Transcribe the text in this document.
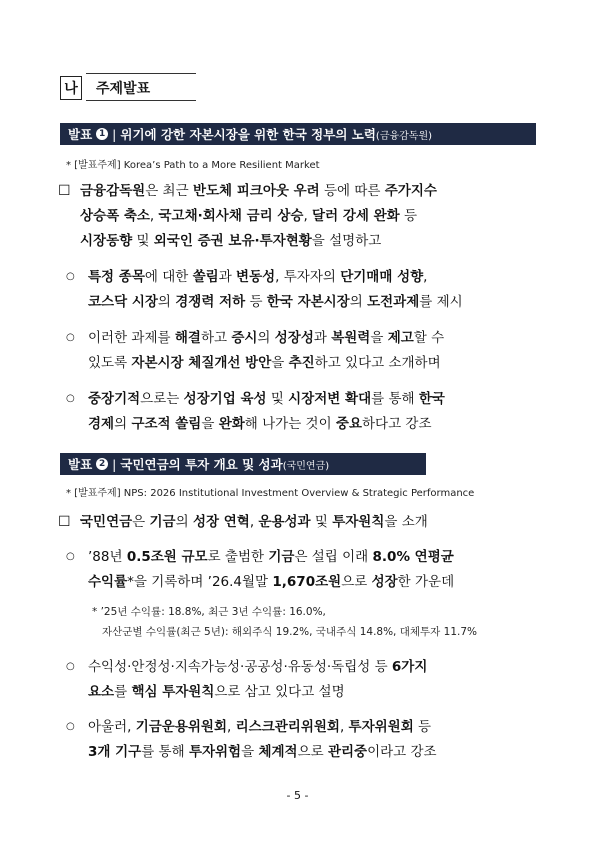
나	주제발표
발표 1 | 위기에 강한 자본시장을 위한 한국 정부의 노력 (금융감독원)
* [발표주제] Korea’s Path to a More Resilient Market
☐ 금융감독원은 최근 반도체 피크아웃 우려 등에 따른 주가지수
상승폭 축소, 국고채·회사채 금리 상승, 달러 강세 완화 등
시장동향 및 외국인 증권 보유·투자현황을 설명하고
○ 특정 종목에 대한 쏠림과 변동성, 투자자의 단기매매 성향,
코스닥 시장의 경쟁력 저하 등 한국 자본시장의 도전과제를 제시
○ 이러한 과제를 해결하고 증시의 성장성과 복원력을 제고할 수
있도록 자본시장 체질개선 방안을 추진하고 있다고 소개하며
○ 중장기적으로는 성장기업 육성 및 시장저변 확대를 통해 한국
경제의 구조적 쏠림을 완화해 나가는 것이 중요하다고 강조
발표 2 | 국민연금의 투자 개요 및 성과 (국민연금)
* [발표주제] NPS: 2026 Institutional Investment Overview & Strategic Performance
☐ 국민연금은 기금의 성장 연혁, 운용성과 및 투자원칙을 소개
○ ’88년 0.5조원 규모로 출범한 기금은 설립 이래 8.0% 연평균
수익률*을 기록하며 ’26.4월말 1,670조원으로 성장한 가운데
* ’25년 수익률: 18.8%, 최근 3년 수익률: 16.0%,
자산군별 수익률(최근 5년): 해외주식 19.2%, 국내주식 14.8%, 대체투자 11.7%
○ 수익성·안정성·지속가능성·공공성·유동성·독립성 등 6가지
요소를 핵심 투자원칙으로 삼고 있다고 설명
○ 아울러, 기금운용위원회, 리스크관리위원회, 투자위원회 등
3개 기구를 통해 투자위험을 체계적으로 관리중이라고 강조
- 5 -
